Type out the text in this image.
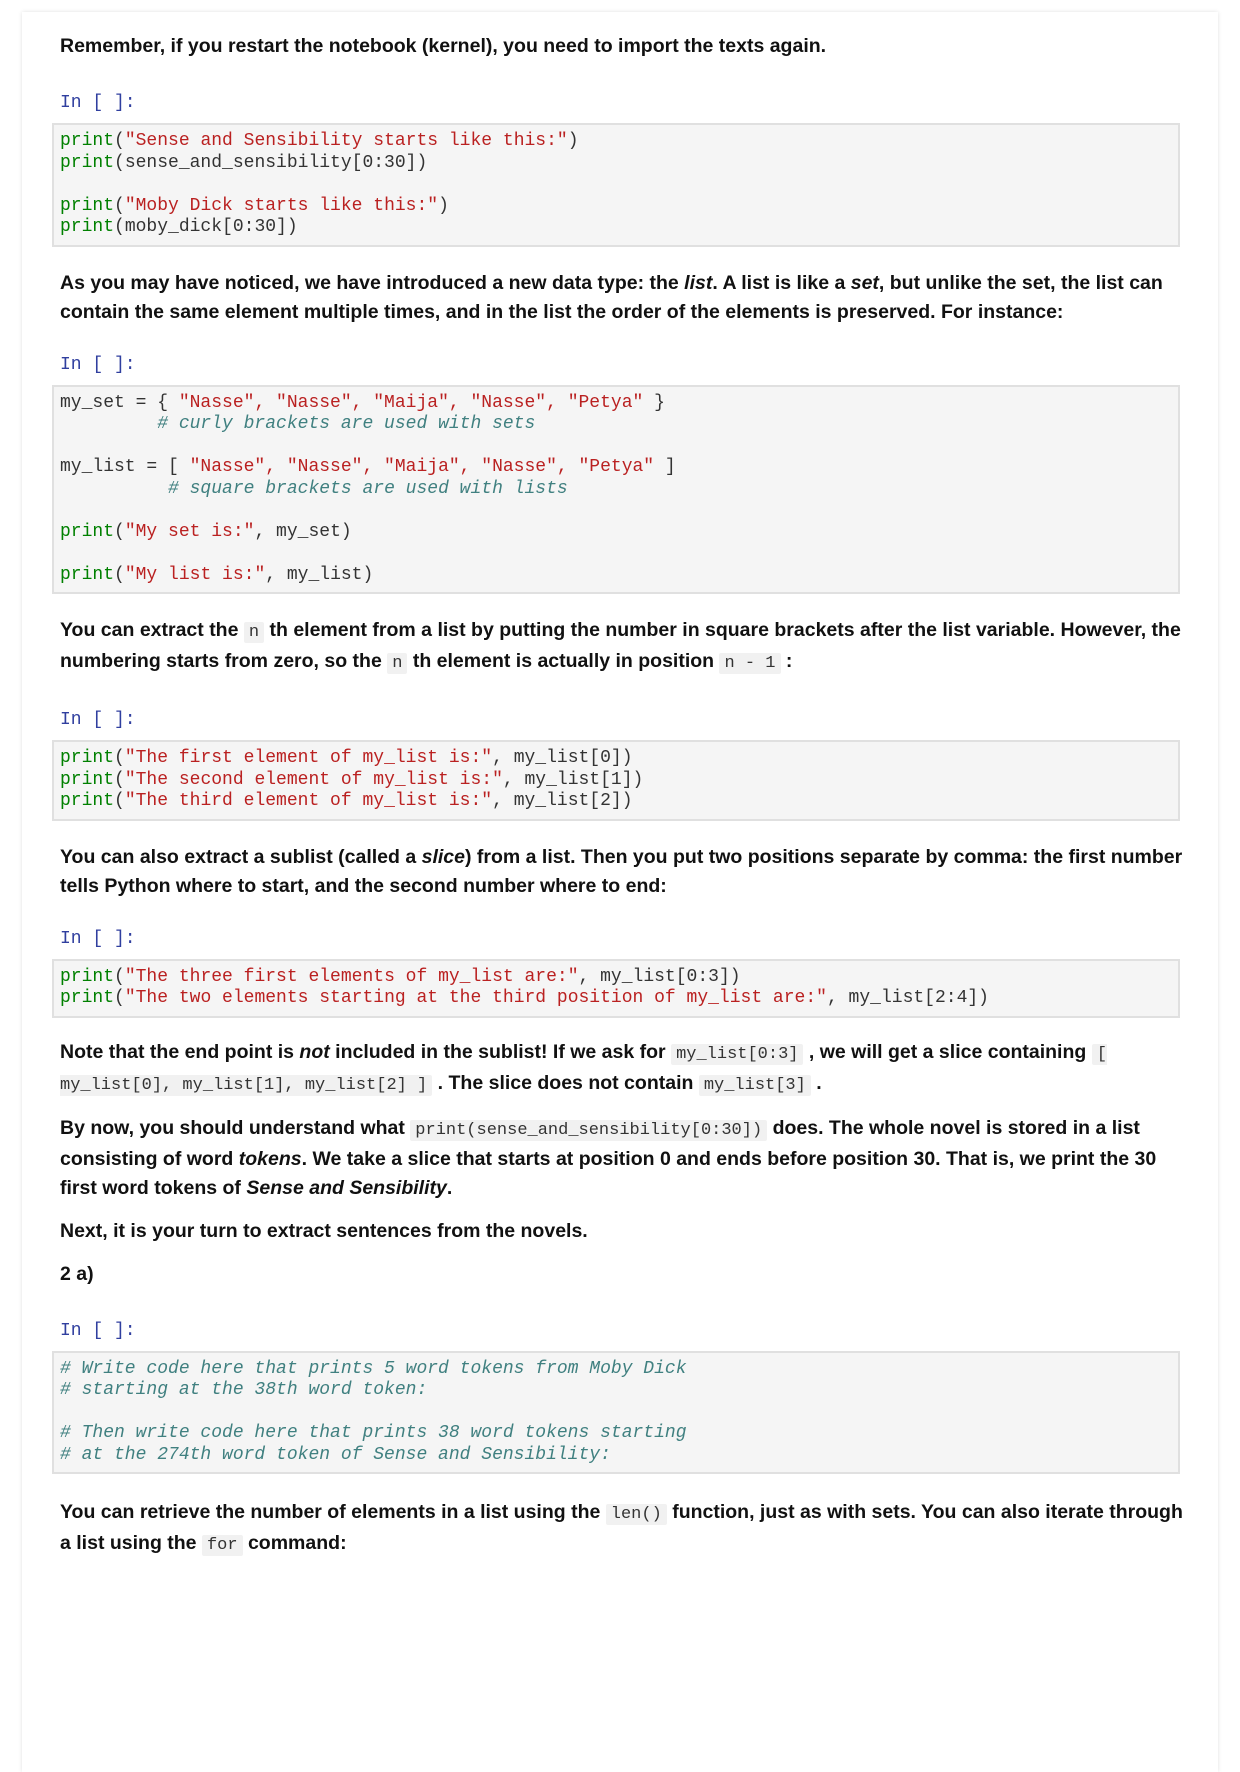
Remember, if you restart the notebook (kernel), you need to import the texts again.

In [ ]:
print("Sense and Sensibility starts like this:")
print(sense_and_sensibility[0:30])

print("Moby Dick starts like this:")
print(moby_dick[0:30])

As you may have noticed, we have introduced a new data type: the list. A list is like a set, but unlike the set, the list can contain the same element multiple times, and in the list the order of the elements is preserved. For instance:

In [ ]:
my_set = { "Nasse", "Nasse", "Maija", "Nasse", "Petya" }
# curly brackets are used with sets

my_list = [ "Nasse", "Nasse", "Maija", "Nasse", "Petya" ]
# square brackets are used with lists

print("My set is:", my_set)

print("My list is:", my_list)

You can extract the n th element from a list by putting the number in square brackets after the list variable. However, the numbering starts from zero, so the n th element is actually in position n - 1 :

In [ ]:
print("The first element of my_list is:", my_list[0])
print("The second element of my_list is:", my_list[1])
print("The third element of my_list is:", my_list[2])

You can also extract a sublist (called a slice) from a list. Then you put two positions separate by comma: the first number tells Python where to start, and the second number where to end:

In [ ]:
print("The three first elements of my_list are:", my_list[0:3])
print("The two elements starting at the third position of my_list are:", my_list[2:4])

Note that the end point is not included in the sublist! If we ask for my_list[0:3] , we will get a slice containing [ my_list[0], my_list[1], my_list[2] ] . The slice does not contain my_list[3] .

By now, you should understand what print(sense_and_sensibility[0:30]) does. The whole novel is stored in a list consisting of word tokens. We take a slice that starts at position 0 and ends before position 30. That is, we print the 30 first word tokens of Sense and Sensibility.

Next, it is your turn to extract sentences from the novels.

2 a)

In [ ]:
# Write code here that prints 5 word tokens from Moby Dick
# starting at the 38th word token:

# Then write code here that prints 38 word tokens starting
# at the 274th word token of Sense and Sensibility:

You can retrieve the number of elements in a list using the len() function, just as with sets. You can also iterate through a list using the for command:
